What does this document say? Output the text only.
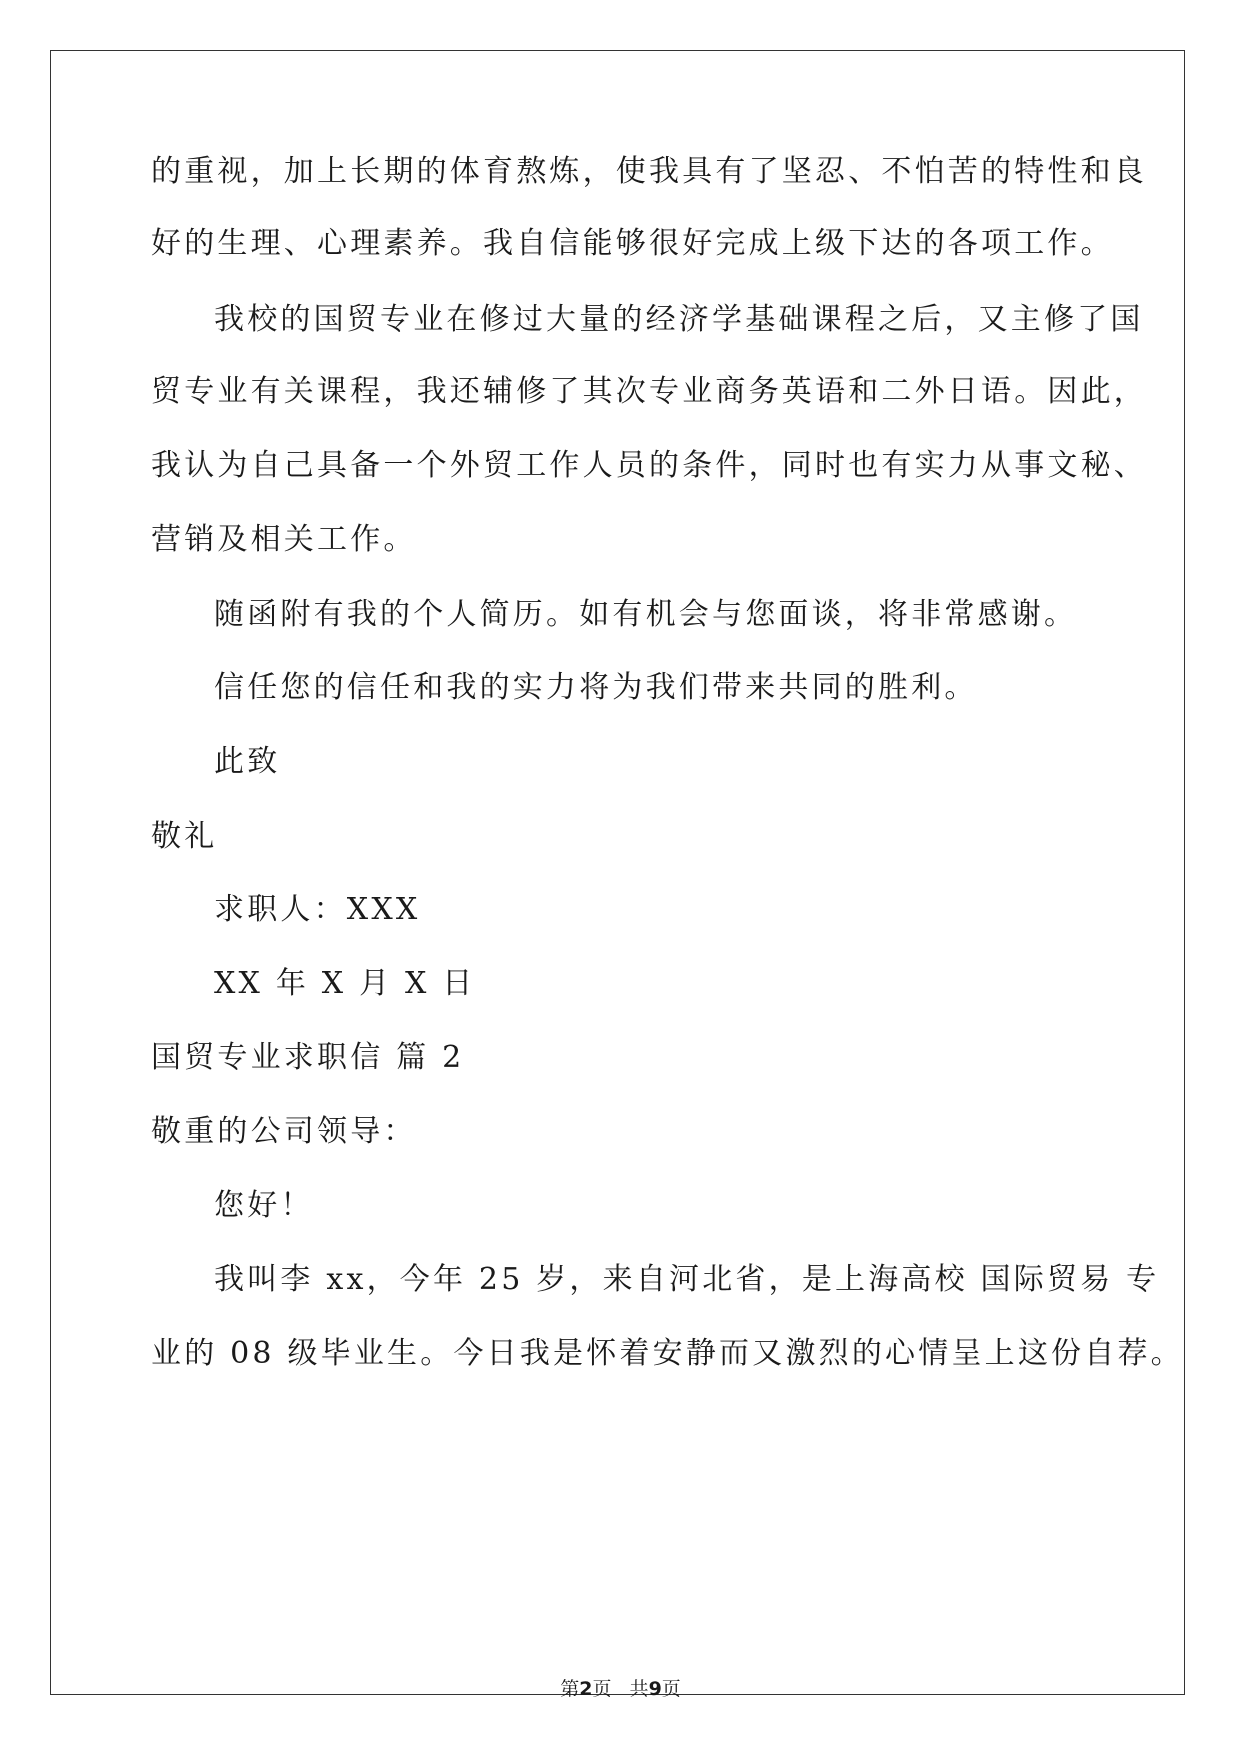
的重视，加上长期的体育熬炼，使我具有了坚忍、不怕苦的特性和良
好的生理、心理素养。我自信能够很好完成上级下达的各项工作。
我校的国贸专业在修过大量的经济学基础课程之后，又主修了国
贸专业有关课程，我还辅修了其次专业商务英语和二外日语。因此，
我认为自己具备一个外贸工作人员的条件，同时也有实力从事文秘、
营销及相关工作。
随函附有我的个人简历。如有机会与您面谈，将非常感谢。
信任您的信任和我的实力将为我们带来共同的胜利。
此致
敬礼
求职人：XXX
XX 年 X 月 X 日
国贸专业求职信 篇 2
敬重的公司领导：
您好！
我叫李 xx，今年 25 岁，来自河北省，是上海高校 国际贸易 专
业的 08 级毕业生。今日我是怀着安静而又激烈的心情呈上这份自荐。
第2页   共9页
